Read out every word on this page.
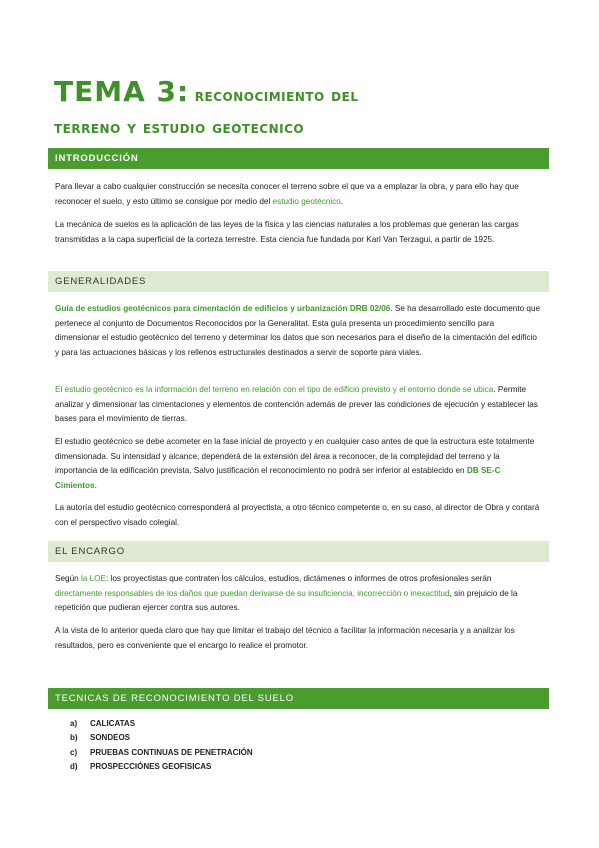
TEMA 3: reconocimiento del
terreno y estudio geotecnico
INTRODUCCIÓN
Para llevar a cabo cualquier construcción se necesita conocer el terreno sobre el que va a emplazar la obra, y para ello hay que reconocer el suelo, y esto último se consigue por medio del estudio geotécnico.
La mecánica de suelos es la aplicación de las leyes de la física y las ciencias naturales a los problemas que generan las cargas transmitidas a la capa superficial de la corteza terrestre. Esta ciencia fue fundada por Karl Van Terzagui, a partir de 1925.
GENERALIDADES
Guía de estudios geotécnicos para cimentación de edificios y urbanización DRB 02/06. Se ha desarrollado este documento que pertenece al conjunto de Documentos Reconocidos por la Generalitat. Esta guía presenta un procedimiento sencillo para dimensionar el estudio geotécnico del terreno y determinar los datos que son necesarios para el diseño de la cimentación del edificio y para las actuaciones básicas y los rellenos estructurales destinados a servir de soporte para viales.
El estudio geotécnico es la información del terreno en relación con el tipo de edificio previsto y el entorno donde se ubica. Permite analizar y dimensionar las cimentaciones y elementos de contención además de prever las condiciones de ejecución y establecer las bases para el movimiento de tierras.
El estudio geotécnico se debe acometer en la fase inicial de proyecto y en cualquier caso antes de que la estructura este totalmente dimensionada. Su intensidad y alcance, dependerá de la extensión del área a reconocer, de la complejidad del terreno y la importancia de la edificación prevista. Salvo justificación el reconocimiento no podrá ser inferior al establecido en DB SE-C Cimientos.
La autoría del estudio geotécnico corresponderá al proyectista, a otro técnico competente o, en su caso, al director de Obra y contará con el perspectivo visado colegial.
EL ENCARGO
Según la LOE: los proyectistas que contraten los cálculos, estudios, dictámenes o informes de otros profesionales serán directamente responsables de los daños que puedan derivarse de su insuficiencia, incorrección o inexactitud, sin prejuicio de la repetición que pudieran ejercer contra sus autores.
A la vista de lo anterior queda claro que hay que limitar el trabajo del técnico a facilitar la información necesaria y a analizar los resultados, pero es conveniente que el encargo lo realice el promotor.
TECNICAS DE RECONOCIMIENTO DEL SUELO
a) CALICATAS
b) SONDEOS
c) PRUEBAS CONTINUAS DE PENETRACIÓN
d) PROSPECCIÓNES GEOFISICAS
